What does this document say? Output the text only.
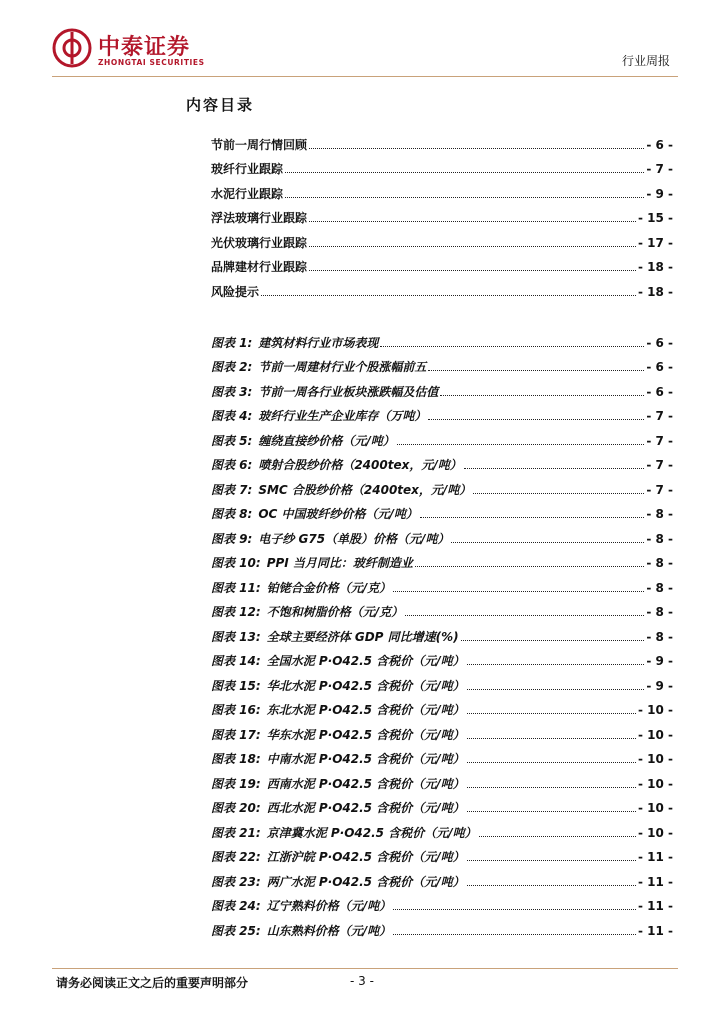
中泰证券
ZHONGTAI SECURITIES	行业周报
内容目录
节前一周行情回顾	- 6 -
玻纤行业跟踪	- 7 -
水泥行业跟踪	- 9 -
浮法玻璃行业跟踪	- 15 -
光伏玻璃行业跟踪	- 17 -
品牌建材行业跟踪	- 18 -
风险提示	- 18 -
图表 1: 建筑材料行业市场表现	- 6 -
图表 2: 节前一周建材行业个股涨幅前五	- 6 -
图表 3: 节前一周各行业板块涨跌幅及估值	- 6 -
图表 4: 玻纤行业生产企业库存（万吨）	- 7 -
图表 5: 缠绕直接纱价格（元/吨）	- 7 -
图表 6: 喷射合股纱价格（2400tex，元/吨）	- 7 -
图表 7: SMC 合股纱价格（2400tex，元/吨）	- 7 -
图表 8: OC 中国玻纤纱价格（元/吨）	- 8 -
图表 9: 电子纱 G75（单股）价格（元/吨）	- 8 -
图表 10: PPI 当月同比：玻纤制造业	- 8 -
图表 11: 铂铑合金价格（元/克）	- 8 -
图表 12: 不饱和树脂价格（元/克）	- 8 -
图表 13: 全球主要经济体 GDP 同比增速(%)	- 8 -
图表 14: 全国水泥 P·O42.5 含税价（元/吨）	- 9 -
图表 15: 华北水泥 P·O42.5 含税价（元/吨）	- 9 -
图表 16: 东北水泥 P·O42.5 含税价（元/吨）	- 10 -
图表 17: 华东水泥 P·O42.5 含税价（元/吨）	- 10 -
图表 18: 中南水泥 P·O42.5 含税价（元/吨）	- 10 -
图表 19: 西南水泥 P·O42.5 含税价（元/吨）	- 10 -
图表 20: 西北水泥 P·O42.5 含税价（元/吨）	- 10 -
图表 21: 京津冀水泥 P·O42.5 含税价（元/吨）	- 10 -
图表 22: 江浙沪皖 P·O42.5 含税价（元/吨）	- 11 -
图表 23: 两广水泥 P·O42.5 含税价（元/吨）	- 11 -
图表 24: 辽宁熟料价格（元/吨）	- 11 -
图表 25: 山东熟料价格（元/吨）	- 11 -
请务必阅读正文之后的重要声明部分	- 3 -
